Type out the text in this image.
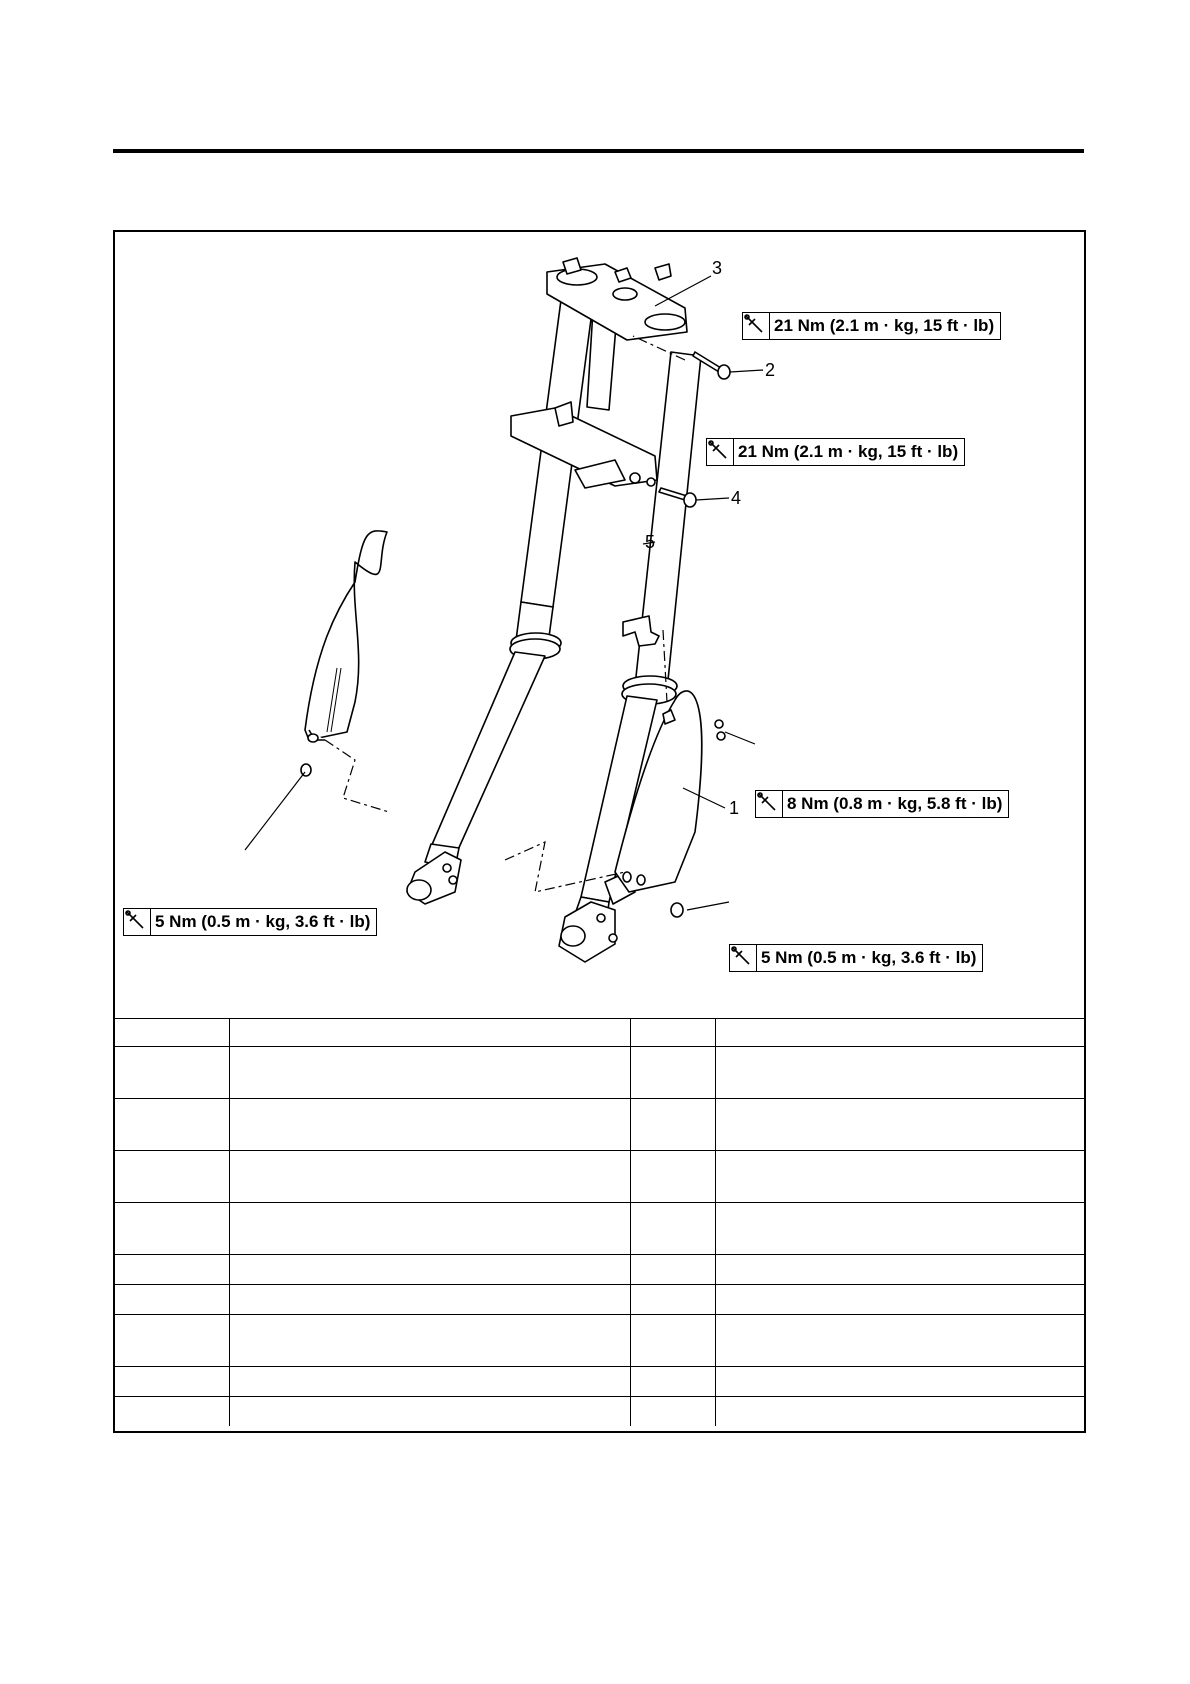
3
2
4
5
1
21 Nm (2.1 m · kg, 15 ft · lb)
21 Nm (2.1 m · kg, 15 ft · lb)
8 Nm (0.8 m · kg, 5.8 ft · lb)
5 Nm (0.5 m · kg, 3.6 ft · lb)
5 Nm (0.5 m · kg, 3.6 ft · lb)
